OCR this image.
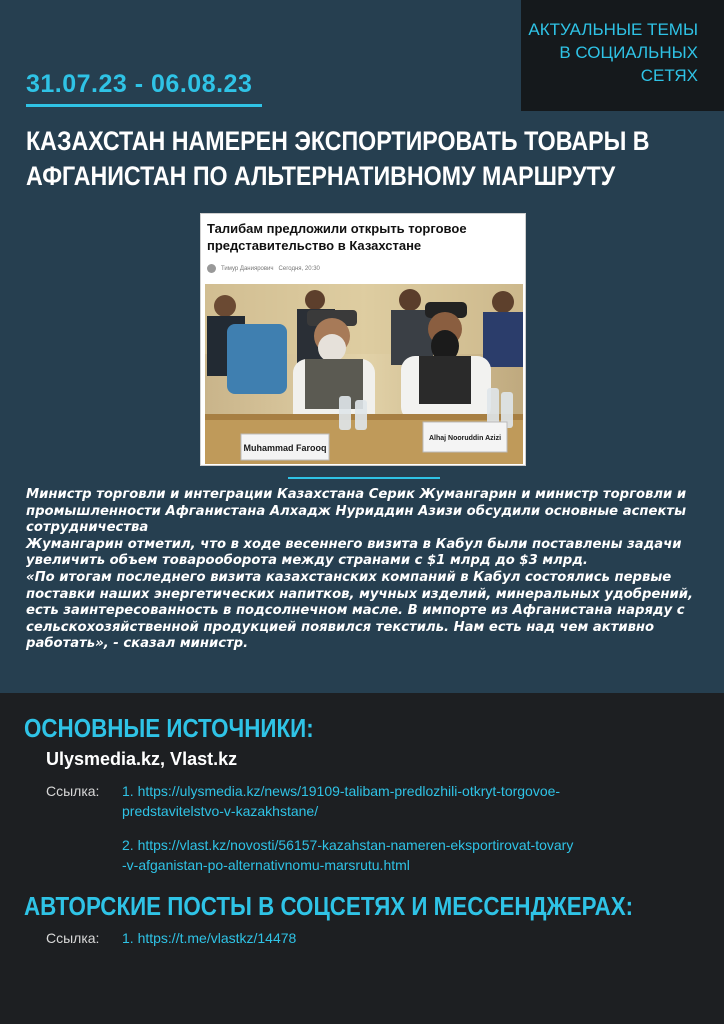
АКТУАЛЬНЫЕ ТЕМЫ
В СОЦИАЛЬНЫХ
СЕТЯХ
31.07.23 - 06.08.23
КАЗАХСТАН НАМЕРЕН ЭКСПОРТИРОВАТЬ ТОВАРЫ В АФГАНИСТАН ПО АЛЬТЕРНАТИВНОМУ МАРШРУТУ
Талибам предложили открыть торговое представительство в Казахстане
Тимур Данияpович Сегодня, 20:30
Muhammad Farooq
Alhaj Nooruddin Azizi

Министр торговли и интеграции Казахстана Серик Жумангарин и министр торговли и промышленности Афганистана Алхадж Нуриддин Азизи обсудили основные аспекты сотрудничества

Жумангарин отметил, что в ходе весеннего визита в Кабул были поставлены задачи увеличить объем товарооборота между странами с $1 млрд до $3 млрд.

«По итогам последнего визита казахстанских компаний в Кабул состоялись первые поставки наших энергетических напитков, мучных изделий, минеральных удобрений, есть заинтересованность в подсолнечном масле. В импорте из Афганистана наряду с сельскохозяйственной продукцией появился текстиль. Нам есть над чем активно работать», - сказал министр.

ОСНОВНЫЕ ИСТОЧНИКИ:
Ulysmedia.kz, Vlast.kz
Ссылка: 1. https://ulysmedia.kz/news/19109-talibam-predlozhili-otkryt-torgovoe-
predstavitelstvo-v-kazakhstane/
2. https://vlast.kz/novosti/56157-kazahstan-nameren-eksportirovat-tovary
-v-afganistan-po-alternativnomu-marsrutu.html
АВТОРСКИЕ ПОСТЫ В СОЦСЕТЯХ И МЕССЕНДЖЕРАХ:
Ссылка: 1. https://t.me/vlastkz/14478
